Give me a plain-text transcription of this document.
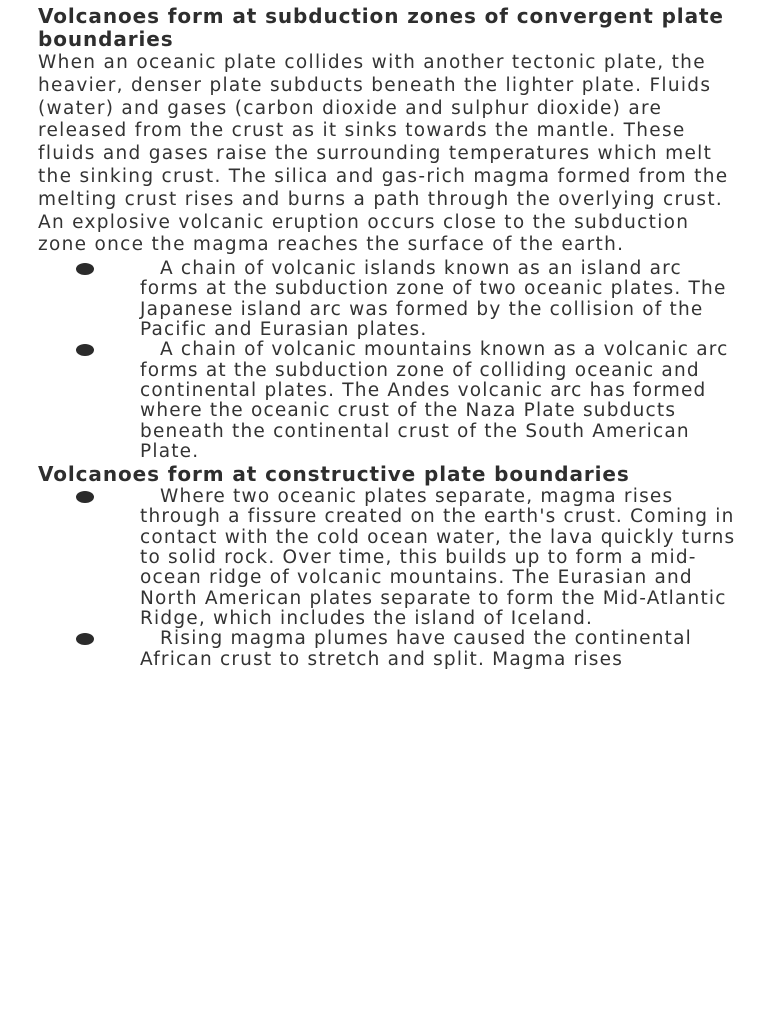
Volcanoes form at subduction zones of convergent plate boundaries

When an oceanic plate collides with another tectonic plate, the heavier, denser plate subducts beneath the lighter plate. Fluids (water) and gases (carbon dioxide and sulphur dioxide) are released from the crust as it sinks towards the mantle. These fluids and gases raise the surrounding temperatures which melt the sinking crust. The silica and gas-rich magma formed from the melting crust rises and burns a path through the overlying crust. An explosive volcanic eruption occurs close to the subduction zone once the magma reaches the surface of the earth.

A chain of volcanic islands known as an island arc forms at the subduction zone of two oceanic plates. The Japanese island arc was formed by the collision of the Pacific and Eurasian plates.
A chain of volcanic mountains known as a volcanic arc forms at the subduction zone of colliding oceanic and continental plates. The Andes volcanic arc has formed where the oceanic crust of the Naza Plate subducts beneath the continental crust of the South American Plate.
Volcanoes form at constructive plate boundaries
Where two oceanic plates separate, magma rises through a fissure created on the earth's crust. Coming in contact with the cold ocean water, the lava quickly turns to solid rock. Over time, this builds up to form a mid-ocean ridge of volcanic mountains. The Eurasian and North American plates separate to form the Mid-Atlantic Ridge, which includes the island of Iceland.
Rising magma plumes have caused the continental African crust to stretch and split. Magma rises
